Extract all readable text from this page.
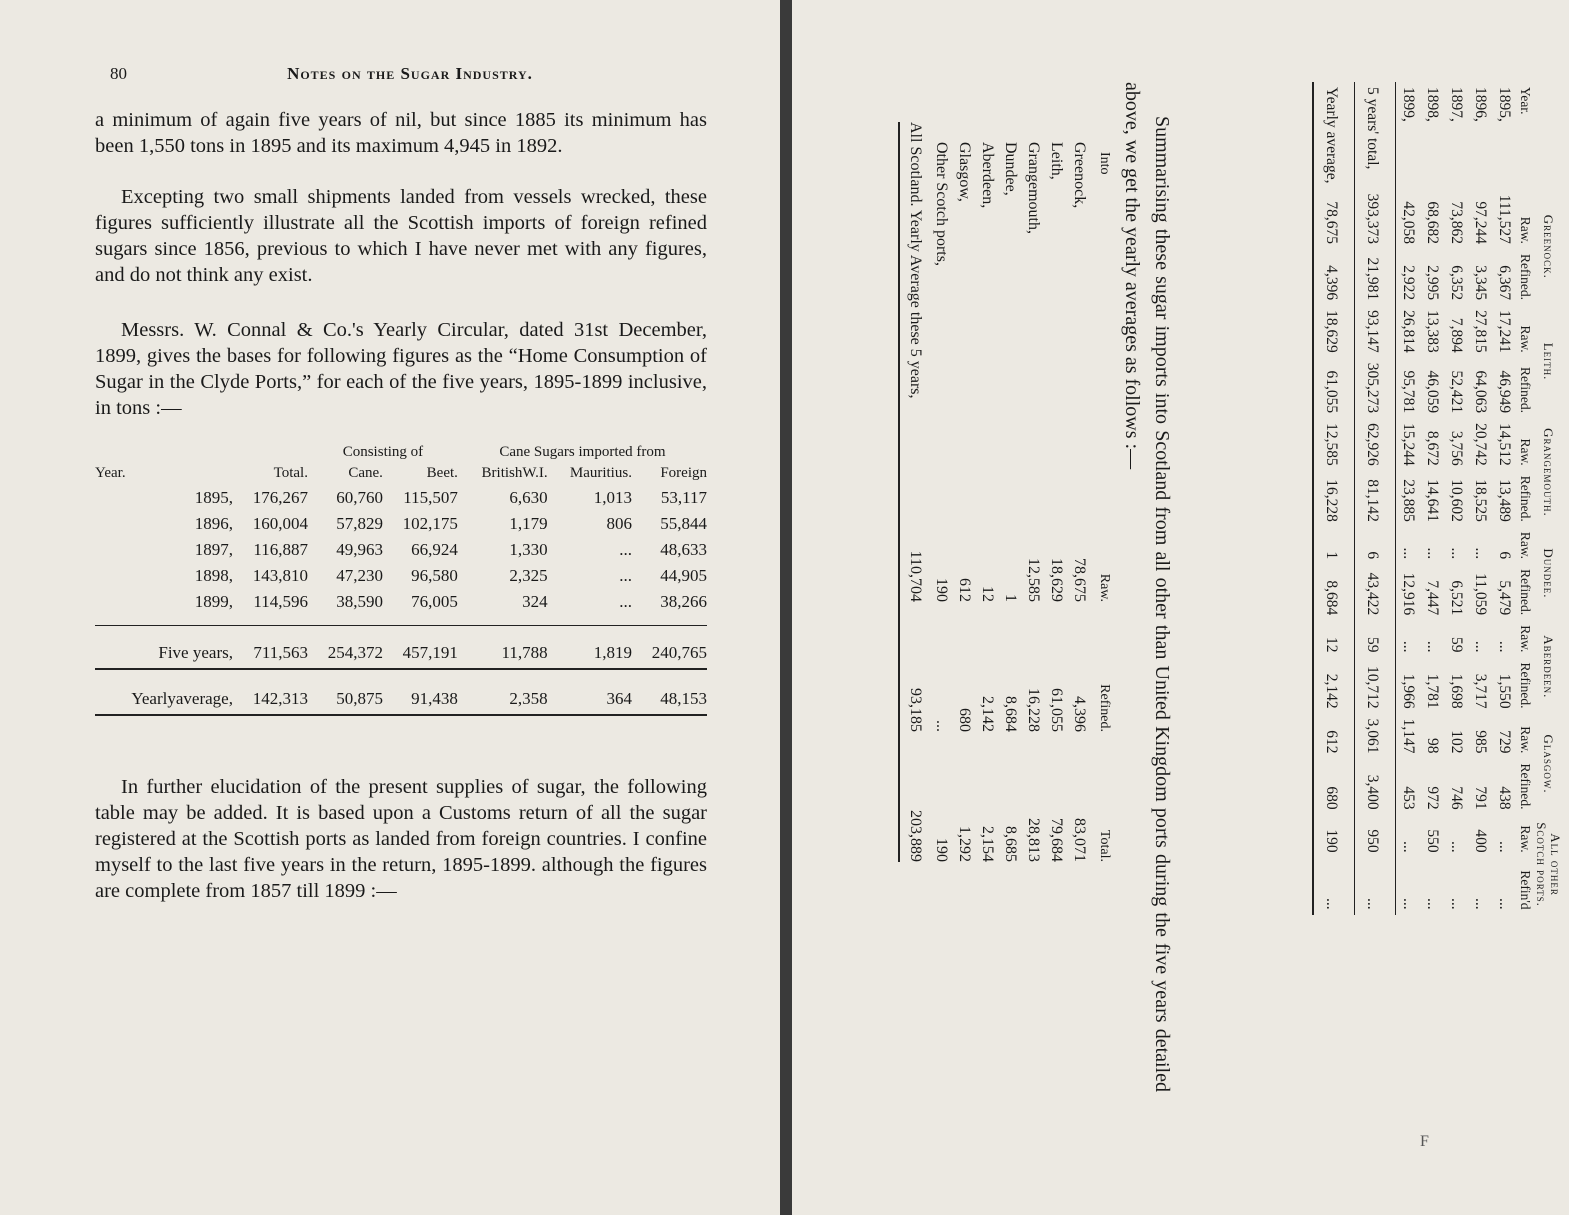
80	Notes on the Sugar Industry.

a minimum of again five years of nil, but since 1885 its minimum has been 1,550 tons in 1895 and its maximum 4,945 in 1892.

Excepting two small shipments landed from vessels wrecked, these figures sufficiently illustrate all the Scottish imports of foreign refined sugars since 1856, previous to which I have never met with any figures, and do not think any exist.

Messrs. W. Connal & Co.'s Yearly Circular, dated 31st December, 1899, gives the bases for following figures as the “Home Consumption of Sugar in the Clyde Ports,” for each of the five years, 1895-1899 inclusive, in tons :—

		Consisting of		Cane Sugars imported from		
Year.	Total.	Cane.	Beet.	BritishW.I.	Mauritius.	Foreign
1895,	176,267	60,760	115,507	6,630	1,013	53,117
1896,	160,004	57,829	102,175	1,179	806	55,844
1897,	116,887	49,963	66,924	1,330	...	48,633
1898,	143,810	47,230	96,580	2,325	...	44,905
1899,	114,596	38,590	76,005	324	...	38,266

Five years,	711,563	254,372	457,191	11,788	1,819	240,765

Yearlyaverage,	142,313	50,875	91,438	2,358	364	48,153

In further elucidation of the present supplies of sugar, the following table may be added. It is based upon a Customs return of all the sugar registered at the Scottish ports as landed from foreign countries. I confine myself to the last five years in the return, 1895-1899. although the figures are complete from 1857 till 1899 :—

	Greenock.		Leith.		Grangemouth.		Dundee.		Aberdeen.		Glasgow.		All other Scotch ports.	
Year.	Raw.	Refined.	Raw.	Refined.	Raw.	Refined.	Raw.	Refined.	Raw.	Refined.	Raw.	Refined.	Raw.	Refin'd
1895,	111,527	6,367	17,241	46,949	14,512	13,489	6	5,479	...	1,550	729	438	...	...
1896,	97,244	3,345	27,815	64,063	20,742	18,525	...	11,059	...	3,717	985	791	400	...
1897,	73,862	6,352	7,894	52,421	3,756	10,602	...	6,521	59	1,698	102	746	...	...
1898,	68,682	2,995	13,383	46,059	8,672	14,641	...	7,447	...	1,781	98	972	550	...
1899,	42,058	2,922	26,814	95,781	15,244	23,885	...	12,916	...	1,966	1,147	453	...	...

5 years' total,	393,373	21,981	93,147	305,273	62,926	81,142	6	43,422	59	10,712	3,061	3,400	950	...

Yearly average,	78,675	4,396	18,629	61,055	12,585	16,228	1	8,684	12	2,142	612	680	190	...

Summarising these sugar imports into Scotland from all other than United Kingdom ports during the five years detailed above, we get the yearly averages as follows :—

Into	Raw.	Refined.	Total.
Greenock,	78,675	4,396	83,071
Leith,	18,629	61,055	79,684
Grangemouth,	12,585	16,228	28,813
Dundee,	1	8,684	8,685
Aberdeen,	12	2,142	2,154
Glasgow,	612	680	1,292
Other Scotch ports,	190	...	190
All Scotland. Yearly Average these 5 years,	110,704	93,185	203,889

F
